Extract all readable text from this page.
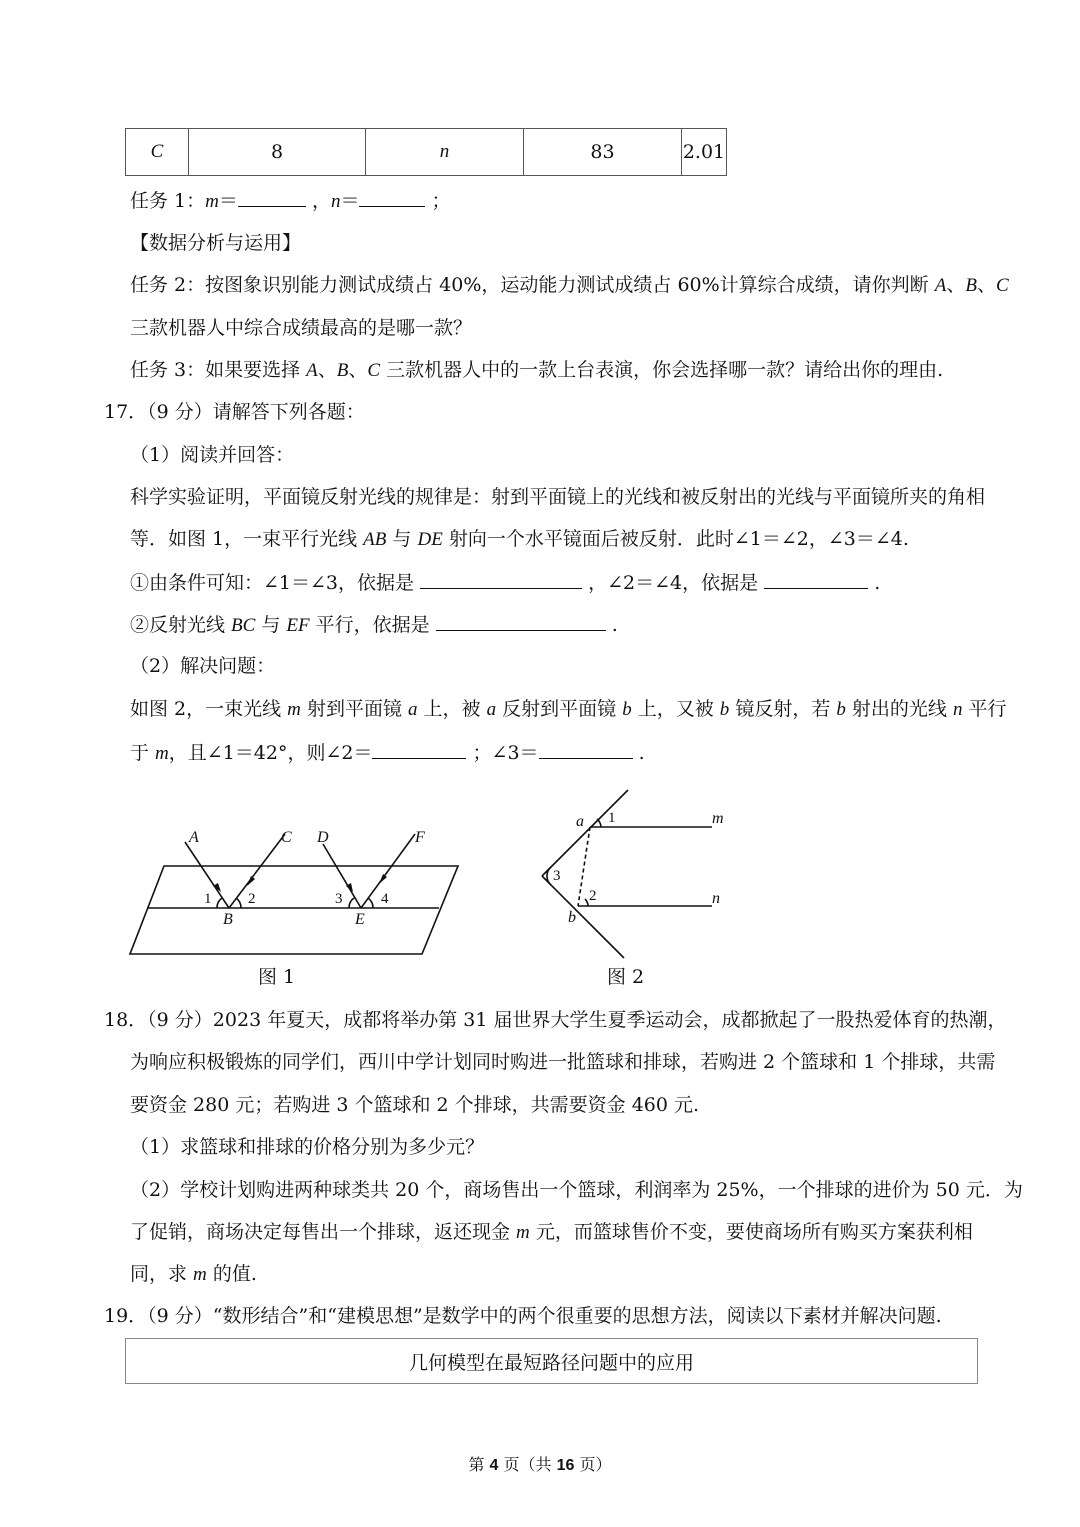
C	8	n	83	2.01
任务 1：m＝	，n＝	；
【数据分析与运用】
任务 2：按图象识别能力测试成绩占 40%，运动能力测试成绩占 60%计算综合成绩，请你判断 A、B、C
三款机器人中综合成绩最高的是哪一款？
任务 3：如果要选择 A、B、C 三款机器人中的一款上台表演，你会选择哪一款？请给出你的理由.
17．（9 分）请解答下列各题：
（1）阅读并回答：
科学实验证明，平面镜反射光线的规律是：射到平面镜上的光线和被反射出的光线与平面镜所夹的角相
等．如图 1，一束平行光线 AB 与 DE 射向一个水平镜面后被反射．此时∠1＝∠2，∠3＝∠4.
①由条件可知：∠1＝∠3，依据是	，∠2＝∠4，依据是	.
②反射光线 BC 与 EF 平行，依据是	.
（2）解决问题：
如图 2，一束光线 m 射到平面镜 a 上，被 a 反射到平面镜 b 上，又被 b 镜反射，若 b 射出的光线 n 平行
于 m，且∠1＝42°，则∠2＝	；∠3＝	.
A	C D	F
B	E
1 2	3	4
图 1
a	m
n
b
1
2
3
图 2
18．（9 分）2023 年夏天，成都将举办第 31 届世界大学生夏季运动会，成都掀起了一股热爱体育的热潮，
为响应积极锻炼的同学们，西川中学计划同时购进一批篮球和排球，若购进 2 个篮球和 1 个排球，共需
要资金 280 元；若购进 3 个篮球和 2 个排球，共需要资金 460 元.
（1）求篮球和排球的价格分别为多少元？
（2）学校计划购进两种球类共 20 个，商场售出一个篮球，利润率为 25%，一个排球的进价为 50 元．为
了促销，商场决定每售出一个排球，返还现金 m 元，而篮球售价不变，要使商场所有购买方案获利相
同，求 m 的值.
19．（9 分）“数形结合”和“建模思想”是数学中的两个很重要的思想方法，阅读以下素材并解决问题.
几何模型在最短路径问题中的应用
第 4 页（共 16 页）
